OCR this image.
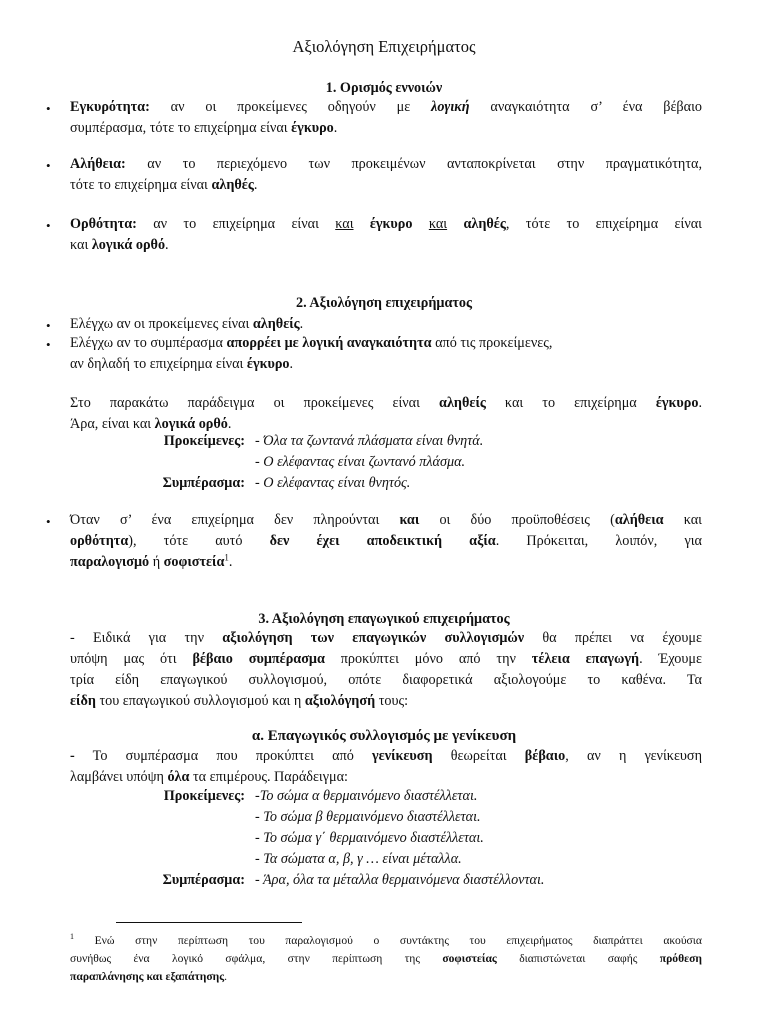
Αξιολόγηση Επιχειρήματος
1. Ορισμός εννοιών
• Εγκυρότητα: αν οι προκείμενες οδηγούν με λογική αναγκαιότητα σ’ ένα βέβαιο
συμπέρασμα, τότε το επιχείρημα είναι έγκυρο.
• Αλήθεια: αν το περιεχόμενο των προκειμένων ανταποκρίνεται στην πραγματικότητα,
τότε το επιχείρημα είναι αληθές.
• Ορθότητα: αν το επιχείρημα είναι και έγκυρο και αληθές, τότε το επιχείρημα είναι
και λογικά ορθό.
2. Αξιολόγηση επιχειρήματος
• Ελέγχω αν οι προκείμενες είναι αληθείς.
• Ελέγχω αν το συμπέρασμα απορρέει με λογική αναγκαιότητα από τις προκείμενες,
αν δηλαδή το επιχείρημα είναι έγκυρο.
Στο παρακάτω παράδειγμα οι προκείμενες είναι αληθείς και το επιχείρημα έγκυρο.
Άρα, είναι και λογικά ορθό.
Προκείμενες: - Όλα τα ζωντανά πλάσματα είναι θνητά.
- Ο ελέφαντας είναι ζωντανό πλάσμα.
Συμπέρασμα: - Ο ελέφαντας είναι θνητός.
• Όταν σ’ ένα επιχείρημα δεν πληρούνται και οι δύο προϋποθέσεις (αλήθεια και
ορθότητα), τότε αυτό δεν έχει αποδεικτική αξία. Πρόκειται, λοιπόν, για
παραλογισμό ή σοφιστεία$^1$.
3. Αξιολόγηση επαγωγικού επιχειρήματος
- Ειδικά για την αξιολόγηση των επαγωγικών συλλογισμών θα πρέπει να έχουμε
υπόψη μας ότι βέβαιο συμπέρασμα προκύπτει μόνο από την τέλεια επαγωγή. Έχουμε
τρία είδη επαγωγικού συλλογισμού, οπότε διαφορετικά αξιολογούμε το καθένα. Τα
είδη του επαγωγικού συλλογισμού και η αξιολόγησή τους:
α. Επαγωγικός συλλογισμός με γενίκευση
- Το συμπέρασμα που προκύπτει από γενίκευση θεωρείται βέβαιο, αν η γενίκευση
λαμβάνει υπόψη όλα τα επιμέρους. Παράδειγμα:
Προκείμενες: -Το σώμα α θερμαινόμενο διαστέλλεται.
- Το σώμα β θερμαινόμενο διαστέλλεται.
- Το σώμα γ΄ θερμαινόμενο διαστέλλεται.
- Τα σώματα α, β, γ … είναι μέταλλα.
Συμπέρασμα: - Άρα, όλα τα μέταλλα θερμαινόμενα διαστέλλονται.
$^1$ Ενώ στην περίπτωση του παραλογισμού ο συντάκτης του επιχειρήματος διαπράττει ακούσια
συνήθως ένα λογικό σφάλμα, στην περίπτωση της σοφιστείας διαπιστώνεται σαφής πρόθεση
παραπλάνησης και εξαπάτησης.
